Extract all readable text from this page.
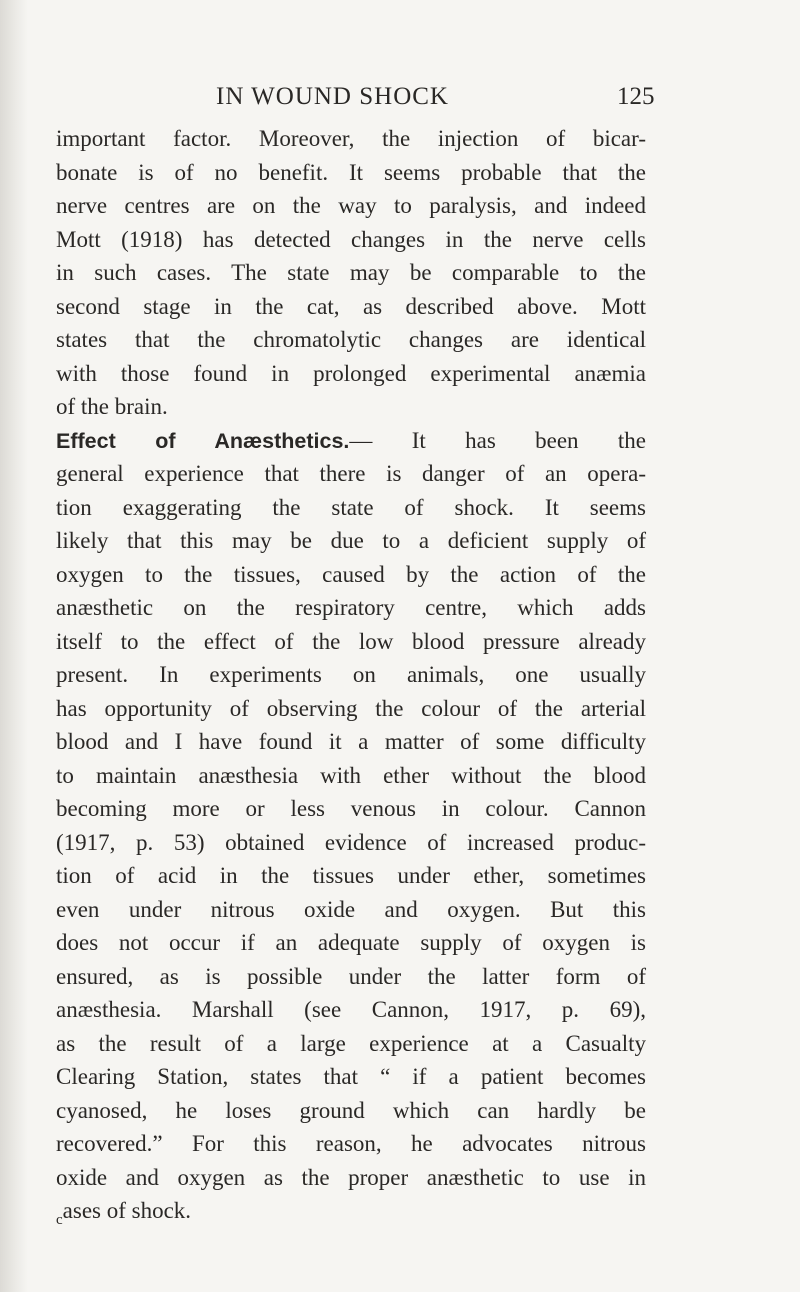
IN WOUND SHOCK	125
important factor. Moreover, the injection of bicar-
bonate is of no benefit. It seems probable that the
nerve centres are on the way to paralysis, and indeed
Mott (1918) has detected changes in the nerve cells
in such cases. The state may be comparable to the
second stage in the cat, as described above. Mott
states that the chromatolytic changes are identical
with those found in prolonged experimental anæmia
of the brain.
Effect of Anæsthetics.— It has been the
general experience that there is danger of an opera-
tion exaggerating the state of shock. It seems
likely that this may be due to a deficient supply of
oxygen to the tissues, caused by the action of the
anæsthetic on the respiratory centre, which adds
itself to the effect of the low blood pressure already
present. In experiments on animals, one usually
has opportunity of observing the colour of the arterial
blood and I have found it a matter of some difficulty
to maintain anæsthesia with ether without the blood
becoming more or less venous in colour. Cannon
(1917, p. 53) obtained evidence of increased produc-
tion of acid in the tissues under ether, sometimes
even under nitrous oxide and oxygen. But this
does not occur if an adequate supply of oxygen is
ensured, as is possible under the latter form of
anæsthesia. Marshall (see Cannon, 1917, p. 69),
as the result of a large experience at a Casualty
Clearing Station, states that “ if a patient becomes
cyanosed, he loses ground which can hardly be
recovered.” For this reason, he advocates nitrous
oxide and oxygen as the proper anæsthetic to use in
$_c$ases of shock.
